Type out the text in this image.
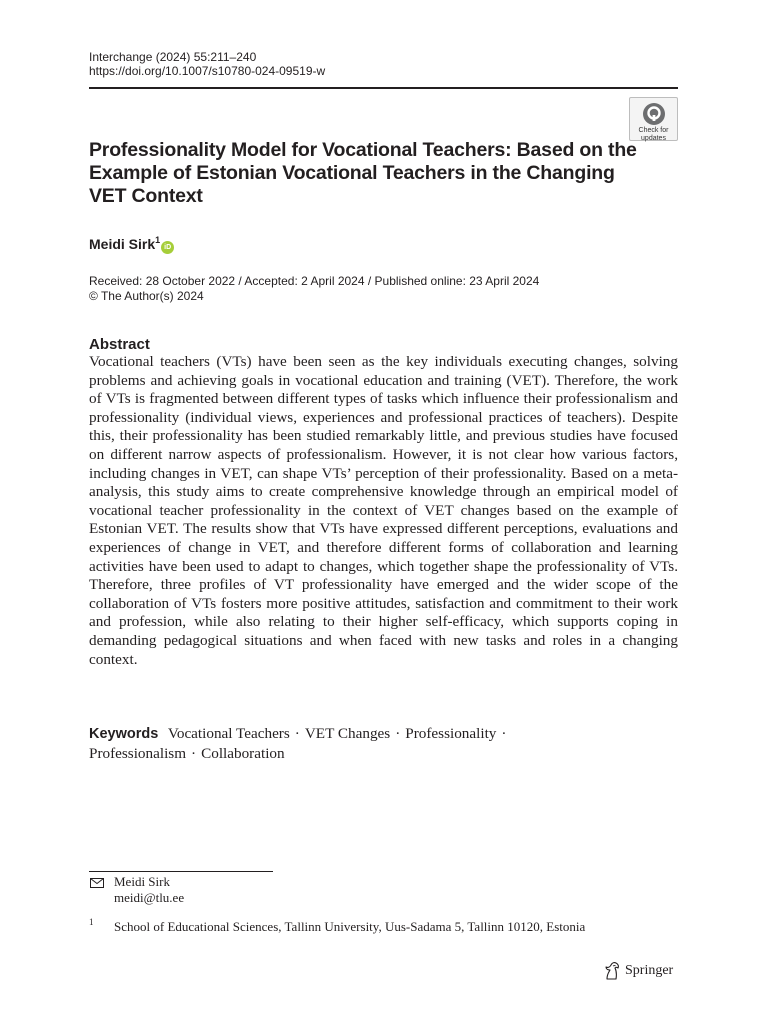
Interchange (2024) 55:211–240
https://doi.org/10.1007/s10780-024-09519-w
Check for
updates
Professionality Model for Vocational Teachers: Based on the
Example of Estonian Vocational Teachers in the Changing
VET Context
Meidi Sirk$^1$iD
Received: 28 October 2022 / Accepted: 2 April 2024 / Published online: 23 April 2024
© The Author(s) 2024
Abstract

Vocational teachers (VTs) have been seen as the key individuals executing changes, solving problems and achieving goals in vocational education and training (VET). Therefore, the work of VTs is fragmented between different types of tasks which influence their professionalism and professionality (individual views, experiences and professional practices of teachers). Despite this, their professionality has been studied remarkably little, and previous studies have focused on different narrow aspects of professionalism. However, it is not clear how various factors, including changes in VET, can shape VTs’ perception of their professionality. Based on a meta-analysis, this study aims to create comprehensive knowledge through an empirical model of vocational teacher professionality in the context of VET changes based on the example of Estonian VET. The results show that VTs have expressed different perceptions, evaluations and experiences of change in VET, and therefore different forms of collaboration and learning activities have been used to adapt to changes, which together shape the professionality of VTs. Therefore, three profiles of VT professionality have emerged and the wider scope of the collaboration of VTs fosters more positive attitudes, satisfaction and commitment to their work and profession, while also relating to their higher self-efficacy, which supports coping in demanding pedagogical situations and when faced with new tasks and roles in a changing context.

Keywords Vocational Teachers · VET Changes · Professionality ·
Professionalism · Collaboration
Meidi Sirk
meidi@tlu.ee
1 School of Educational Sciences, Tallinn University, Uus-Sadama 5, Tallinn 10120, Estonia
Springer
